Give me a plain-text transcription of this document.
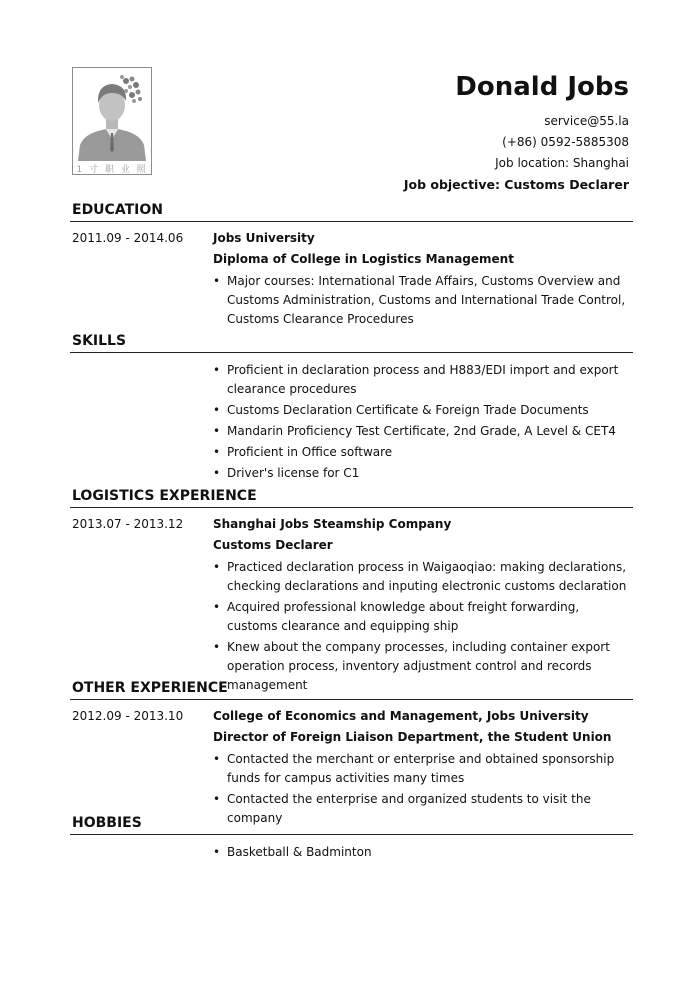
1 寸 职 业 照
Donald Jobs
service@55.la
(+86) 0592-5885308
Job location: Shanghai
Job objective: Customs Declarer
EDUCATION
2011.09 - 2014.06	Jobs University
Diploma of College in Logistics Management
• Major courses: International Trade Affairs, Customs Overview and Customs Administration, Customs and International Trade Control, Customs Clearance Procedures
SKILLS
• Proficient in declaration process and H883/EDI import and export clearance procedures
• Customs Declaration Certificate & Foreign Trade Documents
• Mandarin Proficiency Test Certificate, 2nd Grade, A Level & CET4
• Proficient in Office software
• Driver's license for C1
LOGISTICS EXPERIENCE
2013.07 - 2013.12	Shanghai Jobs Steamship Company
Customs Declarer
• Practiced declaration process in Waigaoqiao: making declarations, checking declarations and inputing electronic customs declaration
• Acquired professional knowledge about freight forwarding, customs clearance and equipping ship
• Knew about the company processes, including container export operation process, inventory adjustment control and records management
OTHER EXPERIENCE
2012.09 - 2013.10	College of Economics and Management, Jobs University
Director of Foreign Liaison Department, the Student Union
• Contacted the merchant or enterprise and obtained sponsorship funds for campus activities many times
• Contacted the enterprise and organized students to visit the company
HOBBIES
• Basketball & Badminton
